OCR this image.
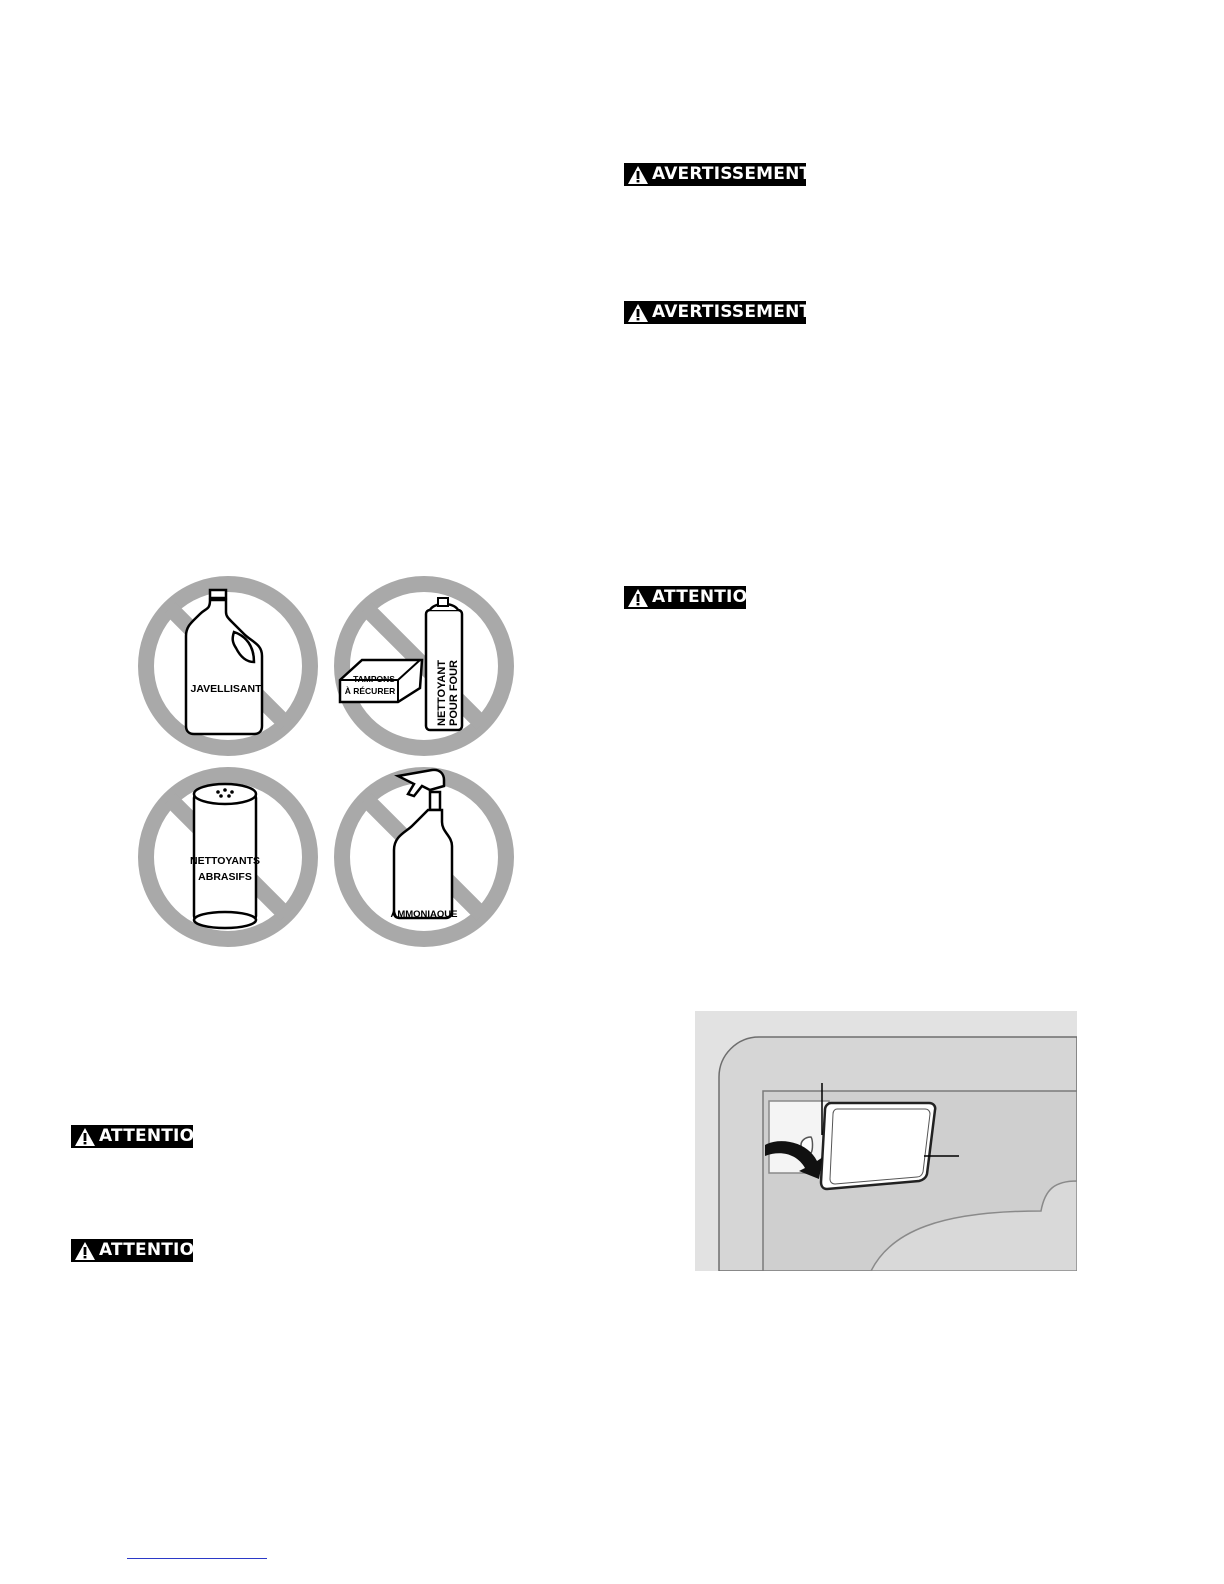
AVERTISSEMENT
AVERTISSEMENT
ATTENTION
ATTENTION
ATTENTION
JAVELLISANT
TAMPONS
À RÉCURER	NETTOYANT POUR FOUR
NETTOYANTS
ABRASIFS
AMMONIAQUE
